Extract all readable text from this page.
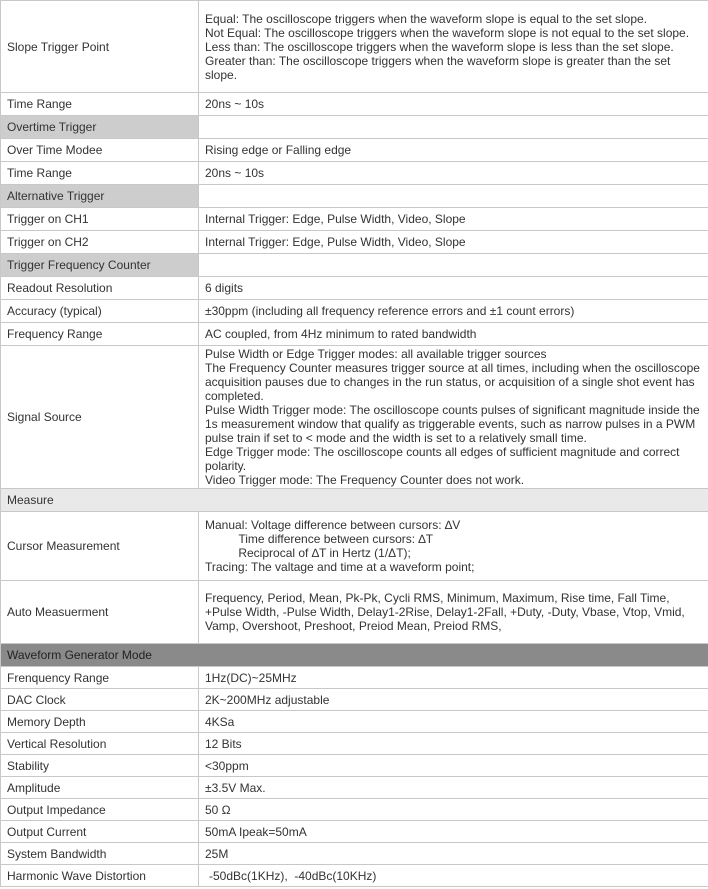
Slope Trigger Point	Equal: The oscilloscope triggers when the waveform slope is equal to the set slope.
Not Equal: The oscilloscope triggers when the waveform slope is not equal to the set slope.
Less than: The oscilloscope triggers when the waveform slope is less than the set slope.
Greater than: The oscilloscope triggers when the waveform slope is greater than the set slope.
Time Range	20ns ~ 10s
Overtime Trigger	
Over Time Modee	Rising edge or Falling edge
Time Range	20ns ~ 10s
Alternative Trigger	
Trigger on CH1	Internal Trigger: Edge, Pulse Width, Video, Slope
Trigger on CH2	Internal Trigger: Edge, Pulse Width, Video, Slope
Trigger Frequency Counter	
Readout Resolution	6 digits
Accuracy (typical)	±30ppm (including all frequency reference errors and ±1 count errors)
Frequency Range	AC coupled, from 4Hz minimum to rated bandwidth
Signal Source	Pulse Width or Edge Trigger modes: all available trigger sources
The Frequency Counter measures trigger source at all times, including when the oscilloscope acquisition pauses due to changes in the run status, or acquisition of a single shot event has completed.
Pulse Width Trigger mode: The oscilloscope counts pulses of significant magnitude inside the 1s measurement window that qualify as triggerable events, such as narrow pulses in a PWM pulse train if set to < mode and the width is set to a relatively small time.
Edge Trigger mode: The oscilloscope counts all edges of sufficient magnitude and correct polarity.
Video Trigger mode: The Frequency Counter does not work.
Measure	
Cursor Measurement	Manual: Voltage difference between cursors: ∆V
Time difference between cursors: ∆T
Reciprocal of ∆T in Hertz (1/ΔT);
Tracing: The valtage and time at a waveform point;
Auto Measuerment	Frequency, Period, Mean, Pk-Pk, Cycli RMS, Minimum, Maximum, Rise time, Fall Time, +Pulse Width, -Pulse Width, Delay1-2Rise, Delay1-2Fall, +Duty, -Duty, Vbase, Vtop, Vmid, Vamp, Overshoot, Preshoot, Preiod Mean, Preiod RMS,
Waveform Generator Mode	
Frenquency Range	1Hz(DC)~25MHz
DAC Clock	2K~200MHz adjustable
Memory Depth	4KSa
Vertical Resolution	12 Bits
Stability	<30ppm
Amplitude	±3.5V Max.
Output Impedance	50 Ω
Output Current	50mA Ipeak=50mA
System Bandwidth	25M
Harmonic Wave Distortion	-50dBc(1KHz),  -40dBc(10KHz)
